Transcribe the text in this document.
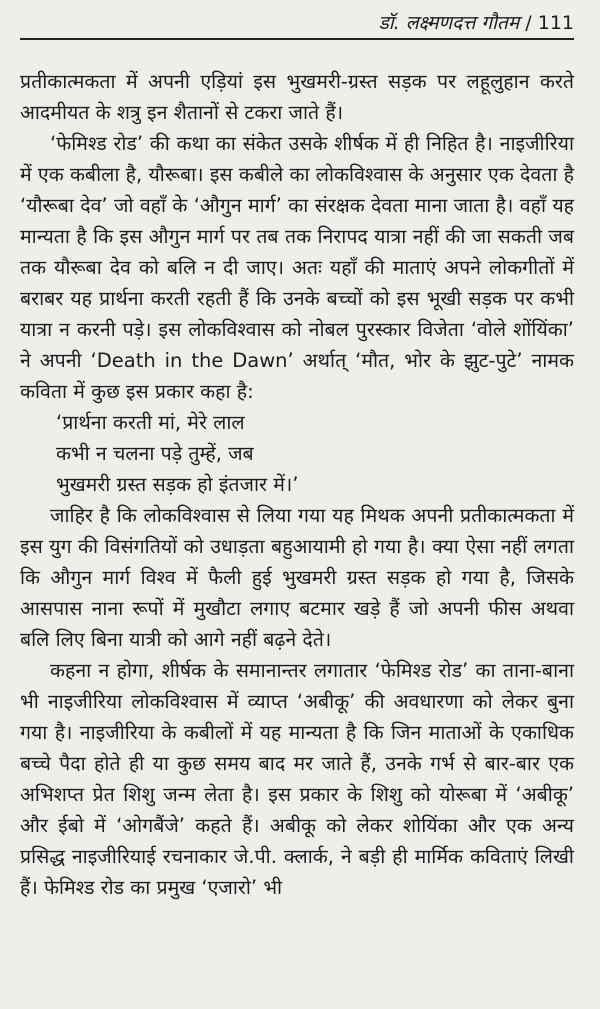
डॉ. लक्ष्मणदत्त गौतम / 111

प्रतीकात्मकता में अपनी एड़ियां इस भुखमरी-ग्रस्त सड़क पर लहूलुहान करते आदमीयत के शत्रु इन शैतानों से टकरा जाते हैं।

‘फेमिश्ड रोड’ की कथा का संकेत उसके शीर्षक में ही निहित है। नाइजीरिया में एक कबीला है, यौरूबा। इस कबीले का लोकविश्वास के अनुसार एक देवता है ‘यौरूबा देव’ जो वहाँ के ‘औगुन मार्ग’ का संरक्षक देवता माना जाता है। वहाँ यह मान्यता है कि इस औगुन मार्ग पर तब तक निरापद यात्रा नहीं की जा सकती जब तक यौरूबा देव को बलि न दी जाए। अतः यहाँ की माताएं अपने लोकगीतों में बराबर यह प्रार्थना करती रहती हैं कि उनके बच्चों को इस भूखी सड़क पर कभी यात्रा न करनी पड़े। इस लोकविश्वास को नोबल पुरस्कार विजेता ‘वोले शोंयिंका’ ने अपनी ‘Death in the Dawn’ अर्थात् ‘मौत, भोर के झुट-पुटे’ नामक कविता में कुछ इस प्रकार कहा है:

‘प्रार्थना करती मां, मेरे लाल
कभी न चलना पड़े तुम्हें, जब
भुखमरी ग्रस्त सड़क हो इंतजार में।’

जाहिर है कि लोकविश्वास से लिया गया यह मिथक अपनी प्रतीकात्मकता में इस युग की विसंगतियों को उधाड़ता बहुआयामी हो गया है। क्या ऐसा नहीं लगता कि औगुन मार्ग विश्व में फैली हुई भुखमरी ग्रस्त सड़क हो गया है, जिसके आसपास नाना रूपों में मुखौटा लगाए बटमार खड़े हैं जो अपनी फीस अथवा बलि लिए बिना यात्री को आगे नहीं बढ़ने देते।

कहना न होगा, शीर्षक के समानान्तर लगातार ‘फेमिश्ड रोड’ का ताना-बाना भी नाइजीरिया लोकविश्वास में व्याप्त ‘अबीकू’ की अवधारणा को लेकर बुना गया है। नाइजीरिया के कबीलों में यह मान्यता है कि जिन माताओं के एकाधिक बच्चे पैदा होते ही या कुछ समय बाद मर जाते हैं, उनके गर्भ से बार-बार एक अभिशप्त प्रेत शिशु जन्म लेता है। इस प्रकार के शिशु को योरूबा में ‘अबीकू’ और ईबो में ‘ओगबैंजे’ कहते हैं। अबीकू को लेकर शोयिंका और एक अन्य प्रसिद्ध नाइजीरियाई रचनाकार जे.पी. क्लार्क, ने बड़ी ही मार्मिक कविताएं लिखी हैं। फेमिश्ड रोड का प्रमुख ‘एजारो’ भी
